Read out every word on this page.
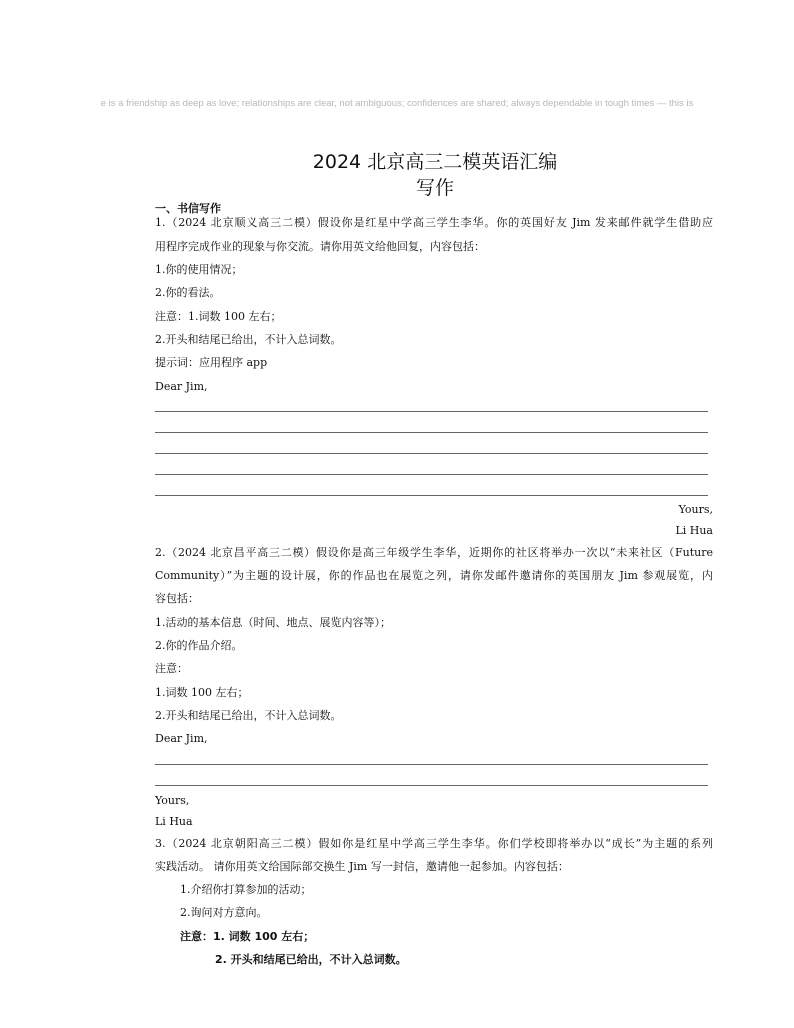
e is a friendship as deep as love; relationships are clear, not ambiguous; confidences are shared; always dependable in tough times — this is
2024 北京高三二模英语汇编
写作
一、书信写作
1.（2024 北京顺义高三二模）假设你是红星中学高三学生李华。你的英国好友 Jim 发来邮件就学生借助应
用程序完成作业的现象与你交流。请你用英文给他回复，内容包括：
1.你的使用情况；
2.你的看法。
注意：1.词数 100 左右；
2.开头和结尾已给出，不计入总词数。
提示词：应用程序 app
Dear Jim,
Yours,
Li Hua
2.（2024 北京昌平高三二模）假设你是高三年级学生李华，近期你的社区将举办一次以“未来社区（Future
Community）”为主题的设计展，你的作品也在展览之列，请你发邮件邀请你的英国朋友 Jim 参观展览，内
容包括：
1.活动的基本信息（时间、地点、展览内容等）；
2.你的作品介绍。
注意：
1.词数 100 左右；
2.开头和结尾已给出，不计入总词数。
Dear Jim,
Yours,
Li Hua
3.（2024 北京朝阳高三二模）假如你是红星中学高三学生李华。你们学校即将举办以“成长”为主题的系列
实践活动。 请你用英文给国际部交换生 Jim 写一封信，邀请他一起参加。内容包括：
1.介绍你打算参加的活动；
2.询问对方意向。
注意：1. 词数 100 左右；
2. 开头和结尾已给出，不计入总词数。
